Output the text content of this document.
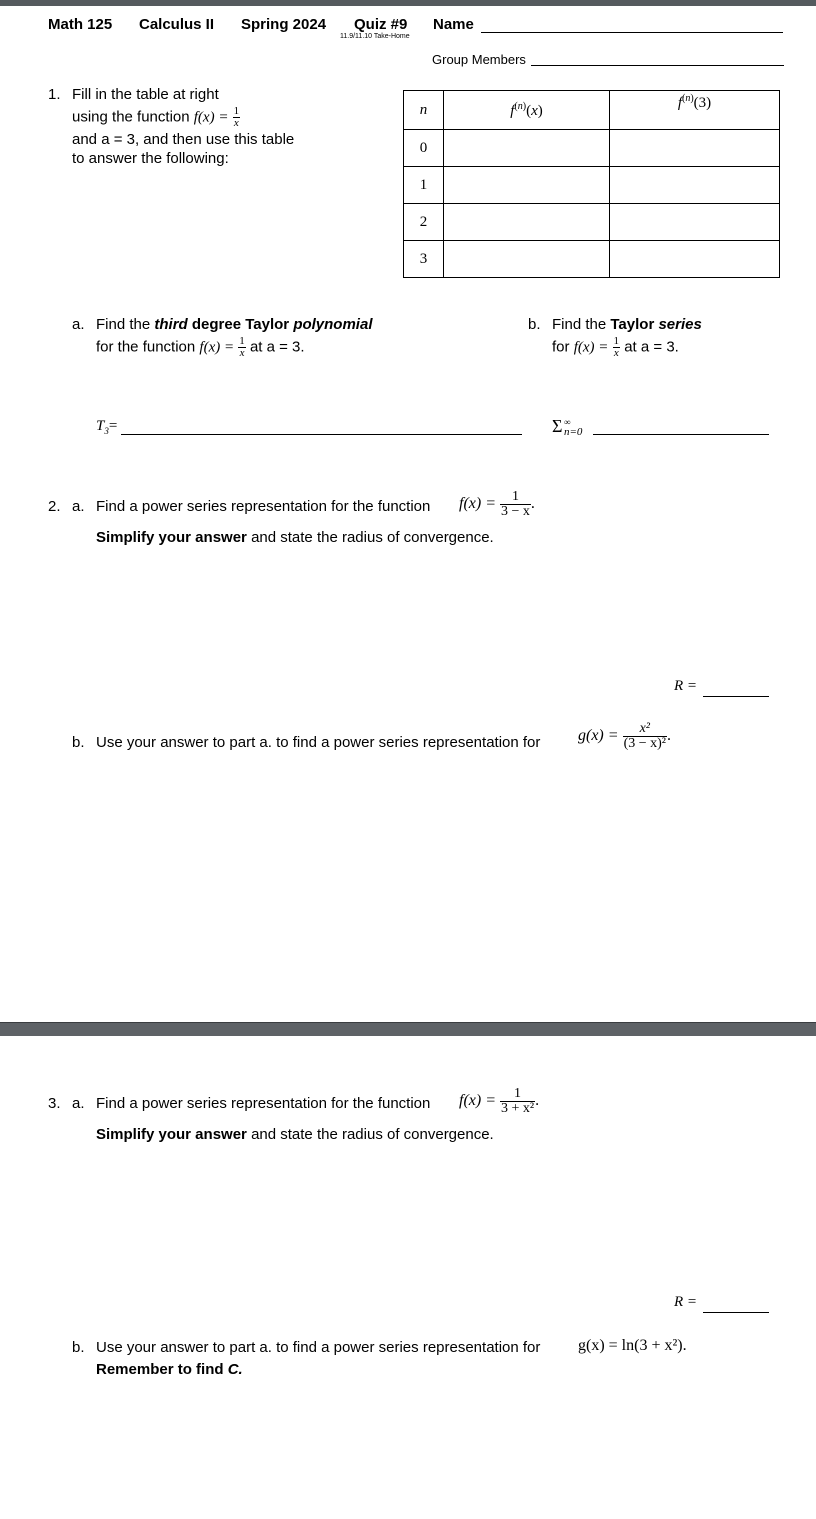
Math 125 Calculus II Spring 2024 Quiz #9
11.9/11.10 Take-Home
Name
Group Members
1. Fill in the table at right
using the function $f(x) = \frac{1}{x}$
and a = 3, and then use this table
to answer the following:
n	$f^{(n)}(x)$	$f^{(n)}(3)$
0		
1		
2		
3		
a. Find the third degree Taylor polynomial
for the function $f(x) = \frac{1}{x}$ at a = 3.
$T_3=$
b. Find the Taylor series
for $f(x) = \frac{1}{x}$ at a = 3.
Σ ∞
n=0
2. a. Find a power series representation for the function $f(x) = \frac{1}{3 - x}$ .
Simplify your answer and state the radius of convergence.
R =
b. Use your answer to part a. to find a power series representation for $g(x) = \frac{\text{x²}}{\text{(3 − x)²}}$ .
3. a. Find a power series representation for the function $f(x) = \frac{1}{\text{3 + x²}}$ .
Simplify your answer and state the radius of convergence.
R =
b. Use your answer to part a. to find a power series representation for g(x) = ln(3 + x²).
Remember to find C.
